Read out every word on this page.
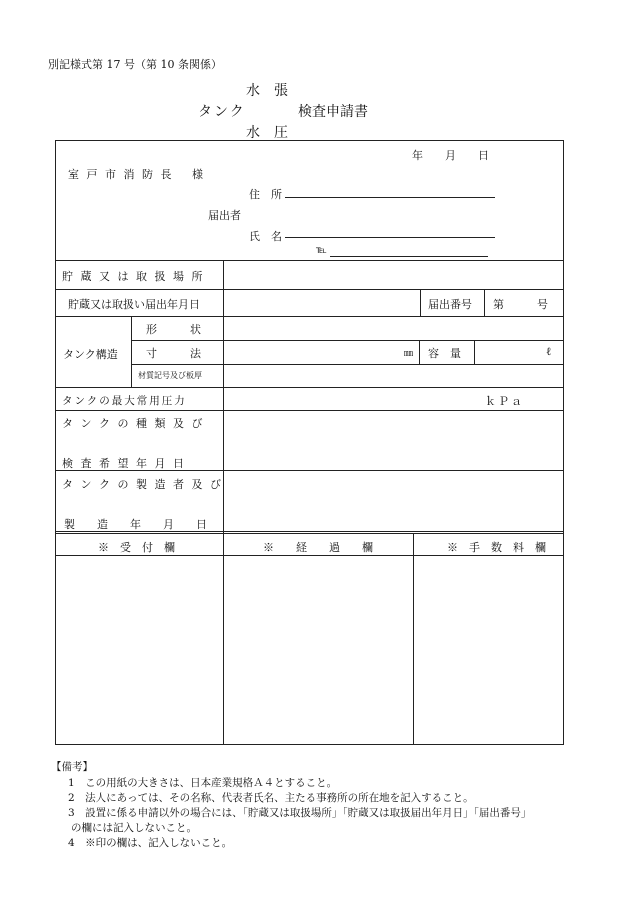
別記様式第 17 号（第 10 条関係）
水　張
タンク	検査申請書
水　圧
年　　月　　日
室 戸 市 消 防 長　 様
住　所
届出者
氏　名
℡
貯 蔵 又 は 取 扱 場 所
貯蔵又は取扱い届出年月日	届出番号 第　　　号
タンク構造
形　　　状
寸　　　法	㎜ 容　量	ℓ
材質記号及び板厚
タンクの最大常用圧力	ｋＰａ
タ ン ク の 種 類 及 び
検 査 希 望 年 月 日
タ ン ク の 製 造 者 及 び
製　　造　　年　　月　　日
※　受　付　欄	※　　経　　過　　欄	※　手　数　料　欄
【備考】
1　この用紙の大きさは、日本産業規格Ａ４とすること。
2　法人にあっては、その名称、代表者氏名、主たる事務所の所在地を記入すること。
3　設置に係る申請以外の場合には、「貯蔵又は取扱場所」「貯蔵又は取扱届出年月日」「届出番号」
の欄には記入しないこと。
4　※印の欄は、記入しないこと。
